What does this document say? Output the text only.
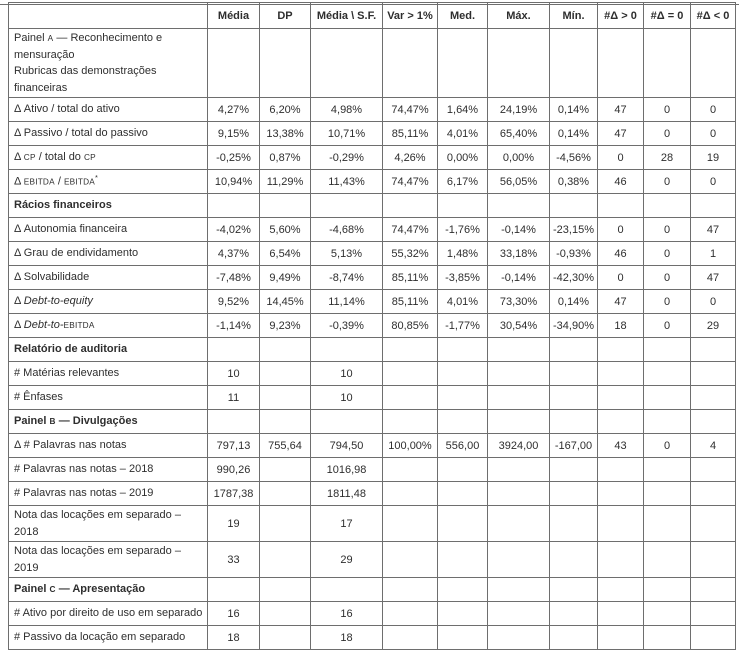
	Média	DP	Média \ S.F.	Var > 1%	Med.	Máx.	Mín.	#Δ > 0	#Δ = 0	#Δ < 0
Painel A — Reconhecimento e mensuração
Rubricas das demonstrações financeiras										
Δ Ativo / total do ativo	4,27%	6,20%	4,98%	74,47%	1,64%	24,19%	0,14%	47	0	0
Δ Passivo / total do passivo	9,15%	13,38%	10,71%	85,11%	4,01%	65,40%	0,14%	47	0	0
Δ CP / total do CP	-0,25%	0,87%	-0,29%	4,26%	0,00%	0,00%	-4,56%	0	28	19
Δ EBITDA / EBITDA*	10,94%	11,29%	11,43%	74,47%	6,17%	56,05%	0,38%	46	0	0
Rácios financeiros										
Δ Autonomia financeira	-4,02%	5,60%	-4,68%	74,47%	-1,76%	-0,14%	-23,15%	0	0	47
Δ Grau de endividamento	4,37%	6,54%	5,13%	55,32%	1,48%	33,18%	-0,93%	46	0	1
Δ Solvabilidade	-7,48%	9,49%	-8,74%	85,11%	-3,85%	-0,14%	-42,30%	0	0	47
Δ Debt-to-equity	9,52%	14,45%	11,14%	85,11%	4,01%	73,30%	0,14%	47	0	0
Δ Debt-to-EBITDA	-1,14%	9,23%	-0,39%	80,85%	-1,77%	30,54%	-34,90%	18	0	29
Relatório de auditoria										
# Matérias relevantes	10		10							
# Ênfases	11		10							
Painel B — Divulgações										
Δ # Palavras nas notas	797,13	755,64	794,50	100,00%	556,00	3924,00	-167,00	43	0	4
# Palavras nas notas – 2018	990,26		1016,98							
# Palavras nas notas – 2019	1787,38		1811,48							
Nota das locações em separado – 2018	19		17							
Nota das locações em separado – 2019	33		29							
Painel C — Apresentação										
# Ativo por direito de uso em separado	16		16							
# Passivo da locação em separado	18		18							
